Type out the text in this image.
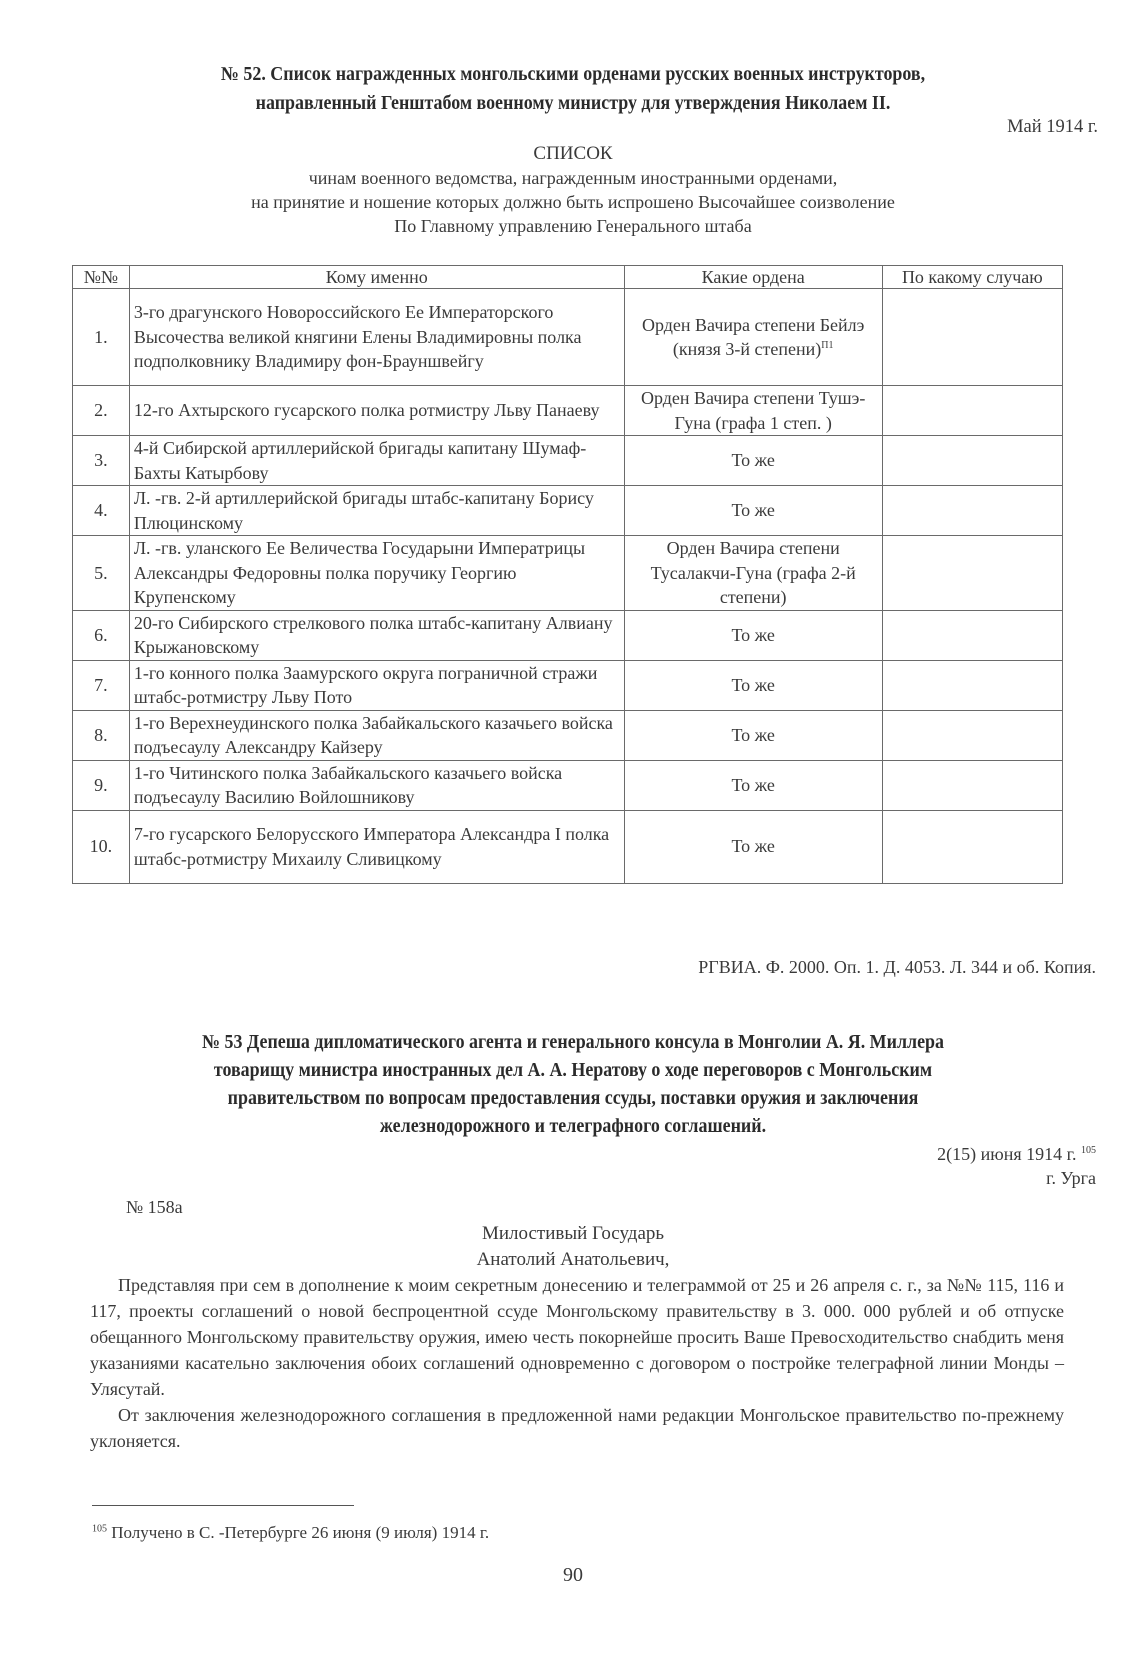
№ 52. Список награжденных монгольскими орденами русских военных инструкторов,
направленный Генштабом военному министру для утверждения Николаем II.
Май 1914 г.
СПИСОК
чинам военного ведомства, награжденным иностранными орденами,
на принятие и ношение которых должно быть испрошено Высочайшее соизволение
По Главному управлению Генерального штаба
№№	Кому именно	Какие ордена	По какому случаю
1.	3-го драгунского Новороссийского Ее Императорского Высочества великой княгини Елены Владимировны полка подполковнику Владимиру фон-Брауншвейгу	Орден Вачира степени Бейлэ (князя 3-й степени)$^{П1}$	
2.	12-го Ахтырского гусарского полка ротмистру Льву Панаеву	Орден Вачира степени Тушэ-Гуна (графа 1 степ. )	
3.	4-й Сибирской артиллерийской бригады капитану Шумаф-Бахты Катырбову	То же	
4.	Л. -гв. 2-й артиллерийской бригады штабс-капитану Борису Плюцинскому	То же	
5.	Л. -гв. уланского Ее Величества Государыни Императрицы Александры Федоровны полка поручику Георгию Крупенскому	Орден Вачира степени Тусалакчи-Гуна (графа 2-й степени)	
6.	20-го Сибирского стрелкового полка штабс-капитану Алвиану Крыжановскому	То же	
7.	1-го конного полка Заамурского округа пограничной стражи штабс-ротмистру Льву Пото	То же	
8.	1-го Верехнеудинского полка Забайкальского казачьего войска подъесаулу Александру Кайзеру	То же	
9.	1-го Читинского полка Забайкальского казачьего войска подъесаулу Василию Войлошникову	То же	
10.	7-го гусарского Белорусского Императора Александра I полка штабс-ротмистру Михаилу Сливицкому	То же	
РГВИА. Ф. 2000. Оп. 1. Д. 4053. Л. 344 и об. Копия.
№ 53 Депеша дипломатического агента и генерального консула в Монголии А. Я. Миллера
товарищу министра иностранных дел А. А. Нератову о ходе переговоров с Монгольским
правительством по вопросам предоставления ссуды, поставки оружия и заключения
железнодорожного и телеграфного соглашений.
2(15) июня 1914 г. $^{105}$
г. Урга
№ 158а
Милостивый Государь
Анатолий Анатольевич,
Представляя при сем в дополнение к моим секретным донесению и телеграммой от 25 и 26 апреля с. г., за №№ 115, 116 и 117, проекты соглашений о новой беспроцентной ссуде Монгольскому правительству в 3. 000. 000 рублей и об отпуске обещанного Монгольскому правительству оружия, имею честь покорнейше просить Ваше Превосходительство снабдить меня указаниями касательно заключения обоих соглашений одновременно с договором о постройке телеграфной линии Монды – Улясутай.
От заключения железнодорожного соглашения в предложенной нами редакции Монгольское правительство по-прежнему уклоняется.
$^{105}$ Получено в С. -Петербурге 26 июня (9 июля) 1914 г.
90
